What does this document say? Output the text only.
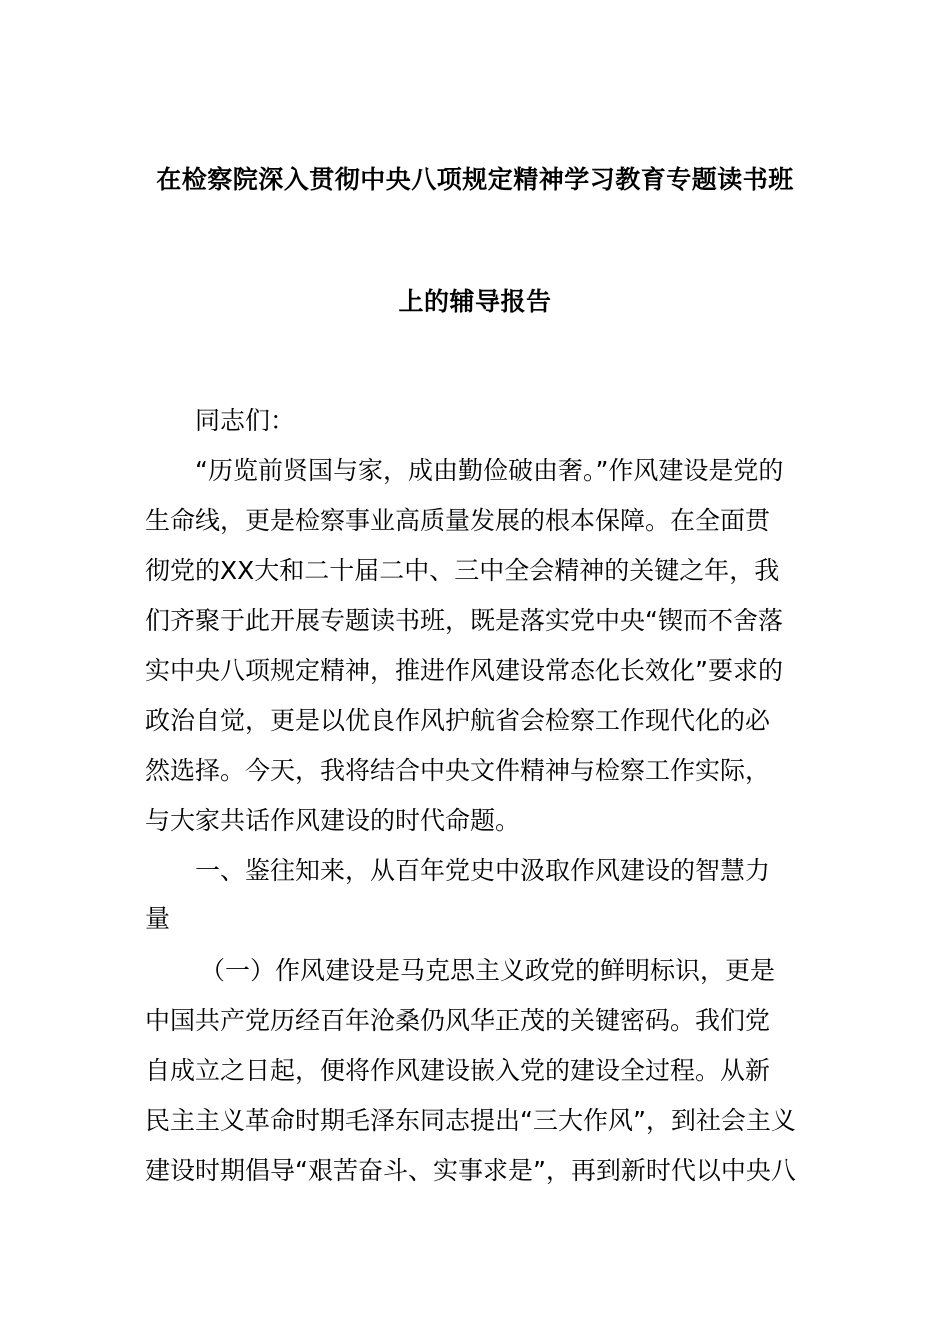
在检察院深入贯彻中央八项规定精神学习教育专题读书班
上的辅导报告
同志们：
“历览前贤国与家，成由勤俭破由奢。”作风建设是党的
生命线，更是检察事业高质量发展的根本保障。在全面贯
彻党的XX大和二十届二中、三中全会精神的关键之年，我
们齐聚于此开展专题读书班，既是落实党中央“锲而不舍落
实中央八项规定精神，推进作风建设常态化长效化”要求的
政治自觉，更是以优良作风护航省会检察工作现代化的必
然选择。今天，我将结合中央文件精神与检察工作实际，
与大家共话作风建设的时代命题。
一、鉴往知来，从百年党史中汲取作风建设的智慧力
量
（一）作风建设是马克思主义政党的鲜明标识，更是
中国共产党历经百年沧桑仍风华正茂的关键密码。我们党
自成立之日起，便将作风建设嵌入党的建设全过程。从新
民主主义革命时期毛泽东同志提出“三大作风”，到社会主义
建设时期倡导“艰苦奋斗、实事求是”，再到新时代以中央八
